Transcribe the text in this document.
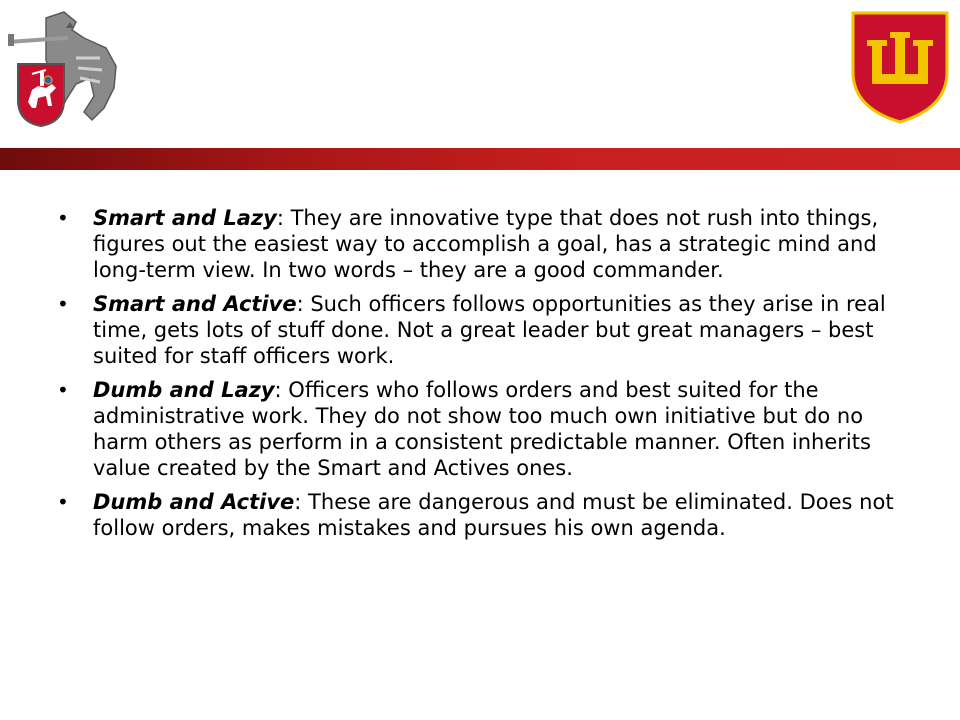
• Smart and Lazy: They are innovative type that does not rush into things, figures out the easiest way to accomplish a goal, has a strategic mind and long-term view. In two words – they are a good commander.
• Smart and Active: Such officers follows opportunities as they arise in real time, gets lots of stuff done. Not a great leader but great managers – best suited for staff officers work.
• Dumb and Lazy: Officers who follows orders and best suited for the administrative work. They do not show too much own initiative but do no harm others as perform in a consistent predictable manner. Often inherits value created by the Smart and Actives ones.
• Dumb and Active: These are dangerous and must be eliminated. Does not follow orders, makes mistakes and pursues his own agenda.
